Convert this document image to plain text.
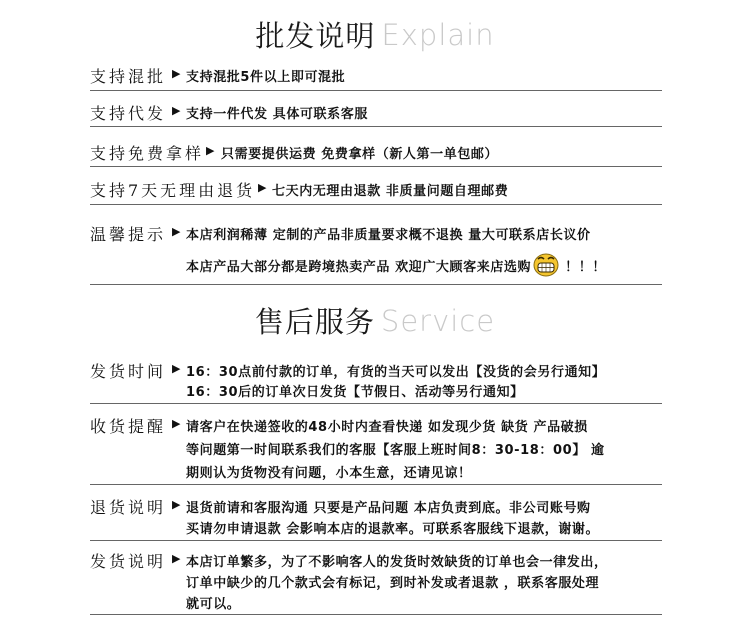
批发说明 Explain
支持混批 ▶ 支持混批5件以上即可混批
支持代发 ▶ 支持一件代发 具体可联系客服
支持免费拿样 ▶ 只需要提供运费 免费拿样（新人第一单包邮）
支持7天无理由退货 ▶ 七天内无理由退款 非质量问题自理邮费
温馨提示 ▶ 本店利润稀薄 定制的产品非质量要求概不退换 量大可联系店长议价
本店产品大部分都是跨境热卖产品 欢迎广大顾客来店选购	！！！
售后服务 Service
发货时间 ▶ 16：30点前付款的订单，有货的当天可以发出【没货的会另行通知】
16：30后的订单次日发货【节假日、活动等另行通知】
收货提醒 ▶ 请客户在快递签收的48小时内查看快递 如发现少货 缺货 产品破损
等问题第一时间联系我们的客服【客服上班时间8：30-18：00】 逾
期则认为货物没有问题，小本生意，还请见谅！
退货说明 ▶ 退货前请和客服沟通 只要是产品问题 本店负责到底。非公司账号购
买请勿申请退款 会影响本店的退款率。可联系客服线下退款，谢谢。
发货说明 ▶ 本店订单繁多，为了不影响客人的发货时效缺货的订单也会一律发出，
订单中缺少的几个款式会有标记，到时补发或者退款 ，联系客服处理
就可以。
